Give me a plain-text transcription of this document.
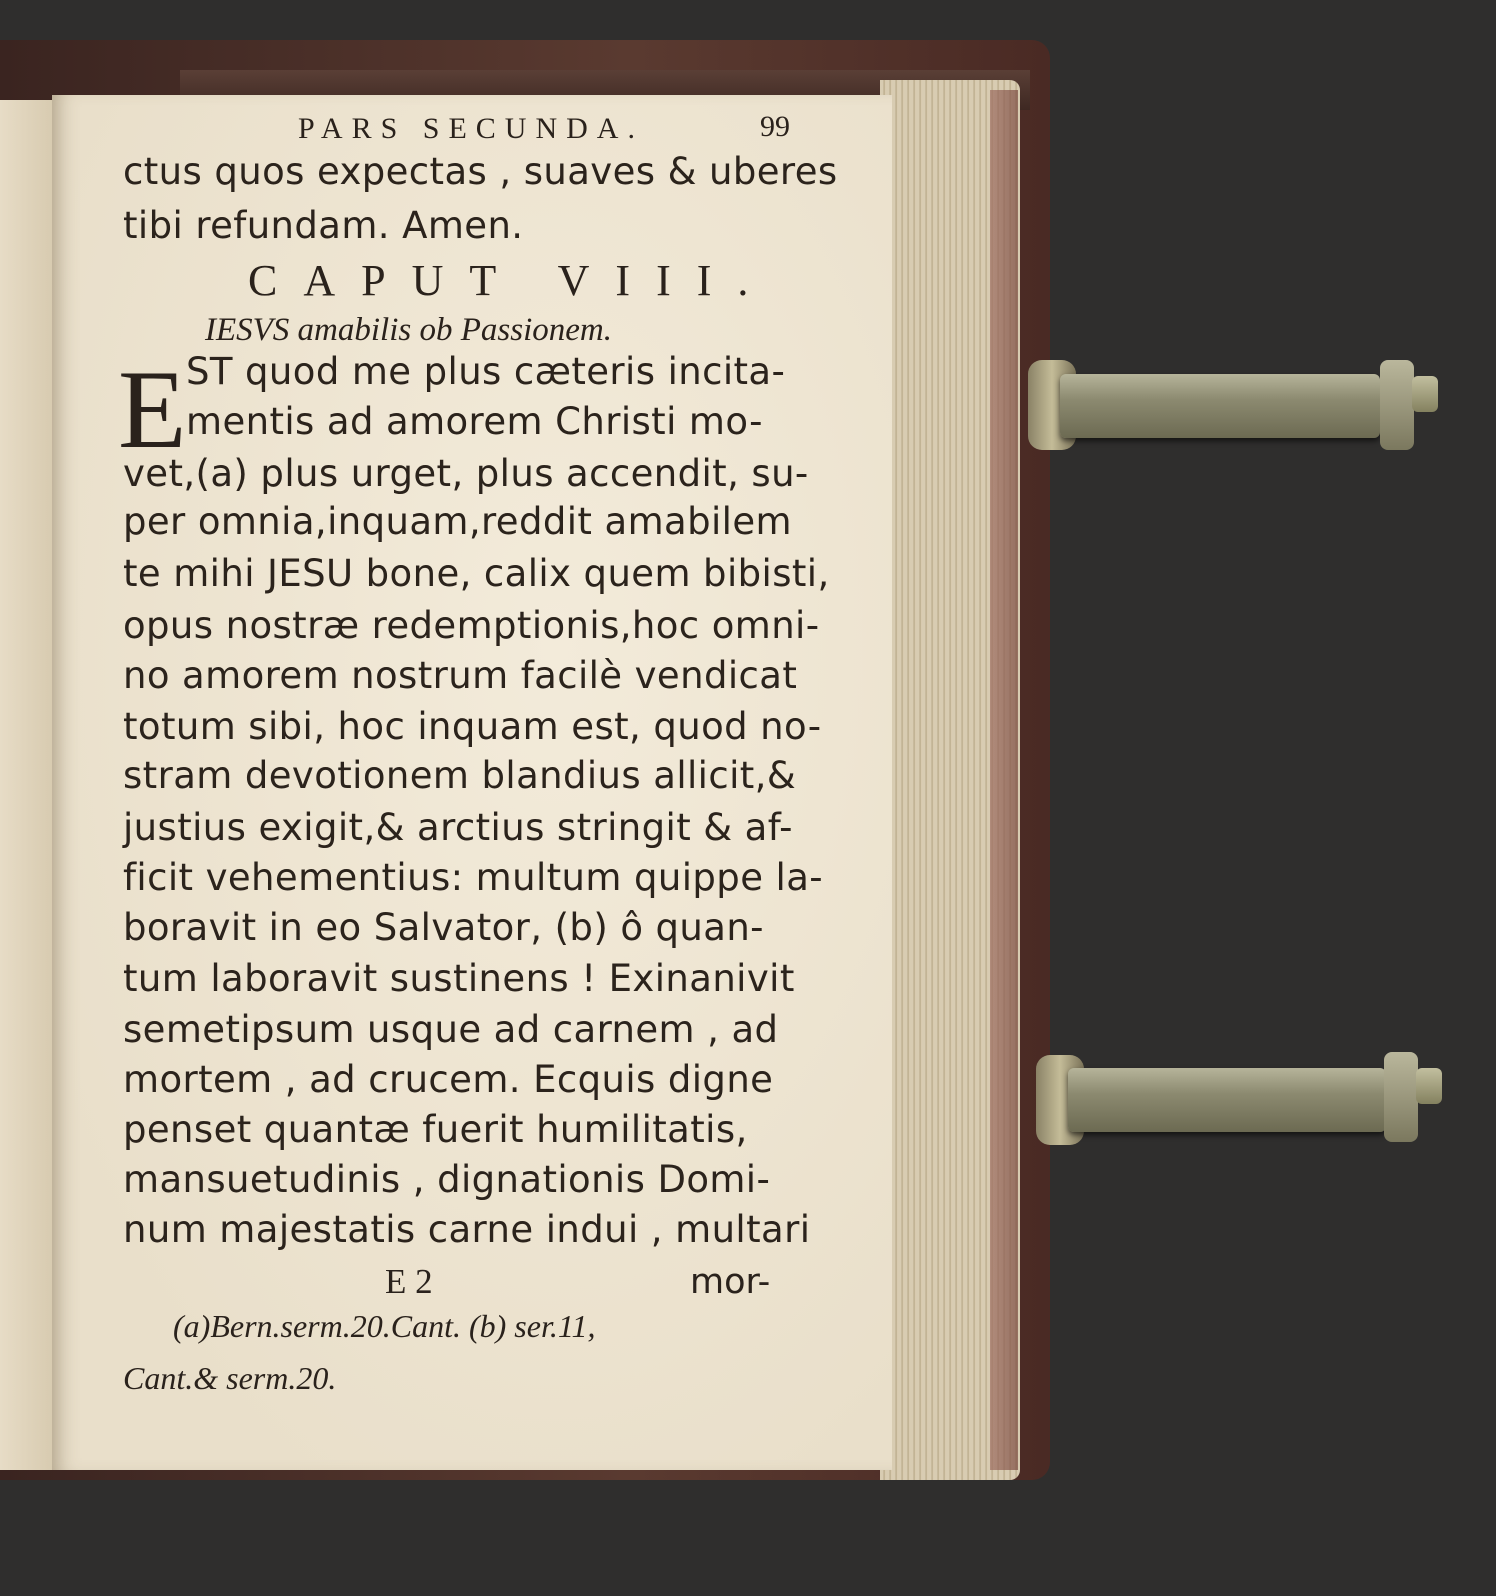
PARS SECUNDA.	99
ctus quos expectas , suaves & uberes
tibi refundam. Amen.
CAPUT VIII.
IESVS amabilis ob Passionem.
E ST quod me plus cæteris incita-
mentis ad amorem Christi mo-
vet,(a) plus urget, plus accendit, su-
per omnia,inquam,reddit amabilem
te mihi JESU bone, calix quem bibisti,
opus nostræ redemptionis,hoc omni-
no amorem nostrum facilè vendicat
totum sibi, hoc inquam est, quod no-
stram devotionem blandius allicit,&
justius exigit,& arctius stringit & af-
ficit vehementius: multum quippe la-
boravit in eo Salvator, (b) ô quan-
tum laboravit sustinens ! Exinanivit
semetipsum usque ad carnem , ad
mortem , ad crucem. Ecquis digne
penset quantæ fuerit humilitatis,
mansuetudinis , dignationis Domi-
num majestatis carne indui , multari
E 2	mor-
(a)Bern.serm.20.Cant. (b) ser.11,
Cant.& serm.20.
